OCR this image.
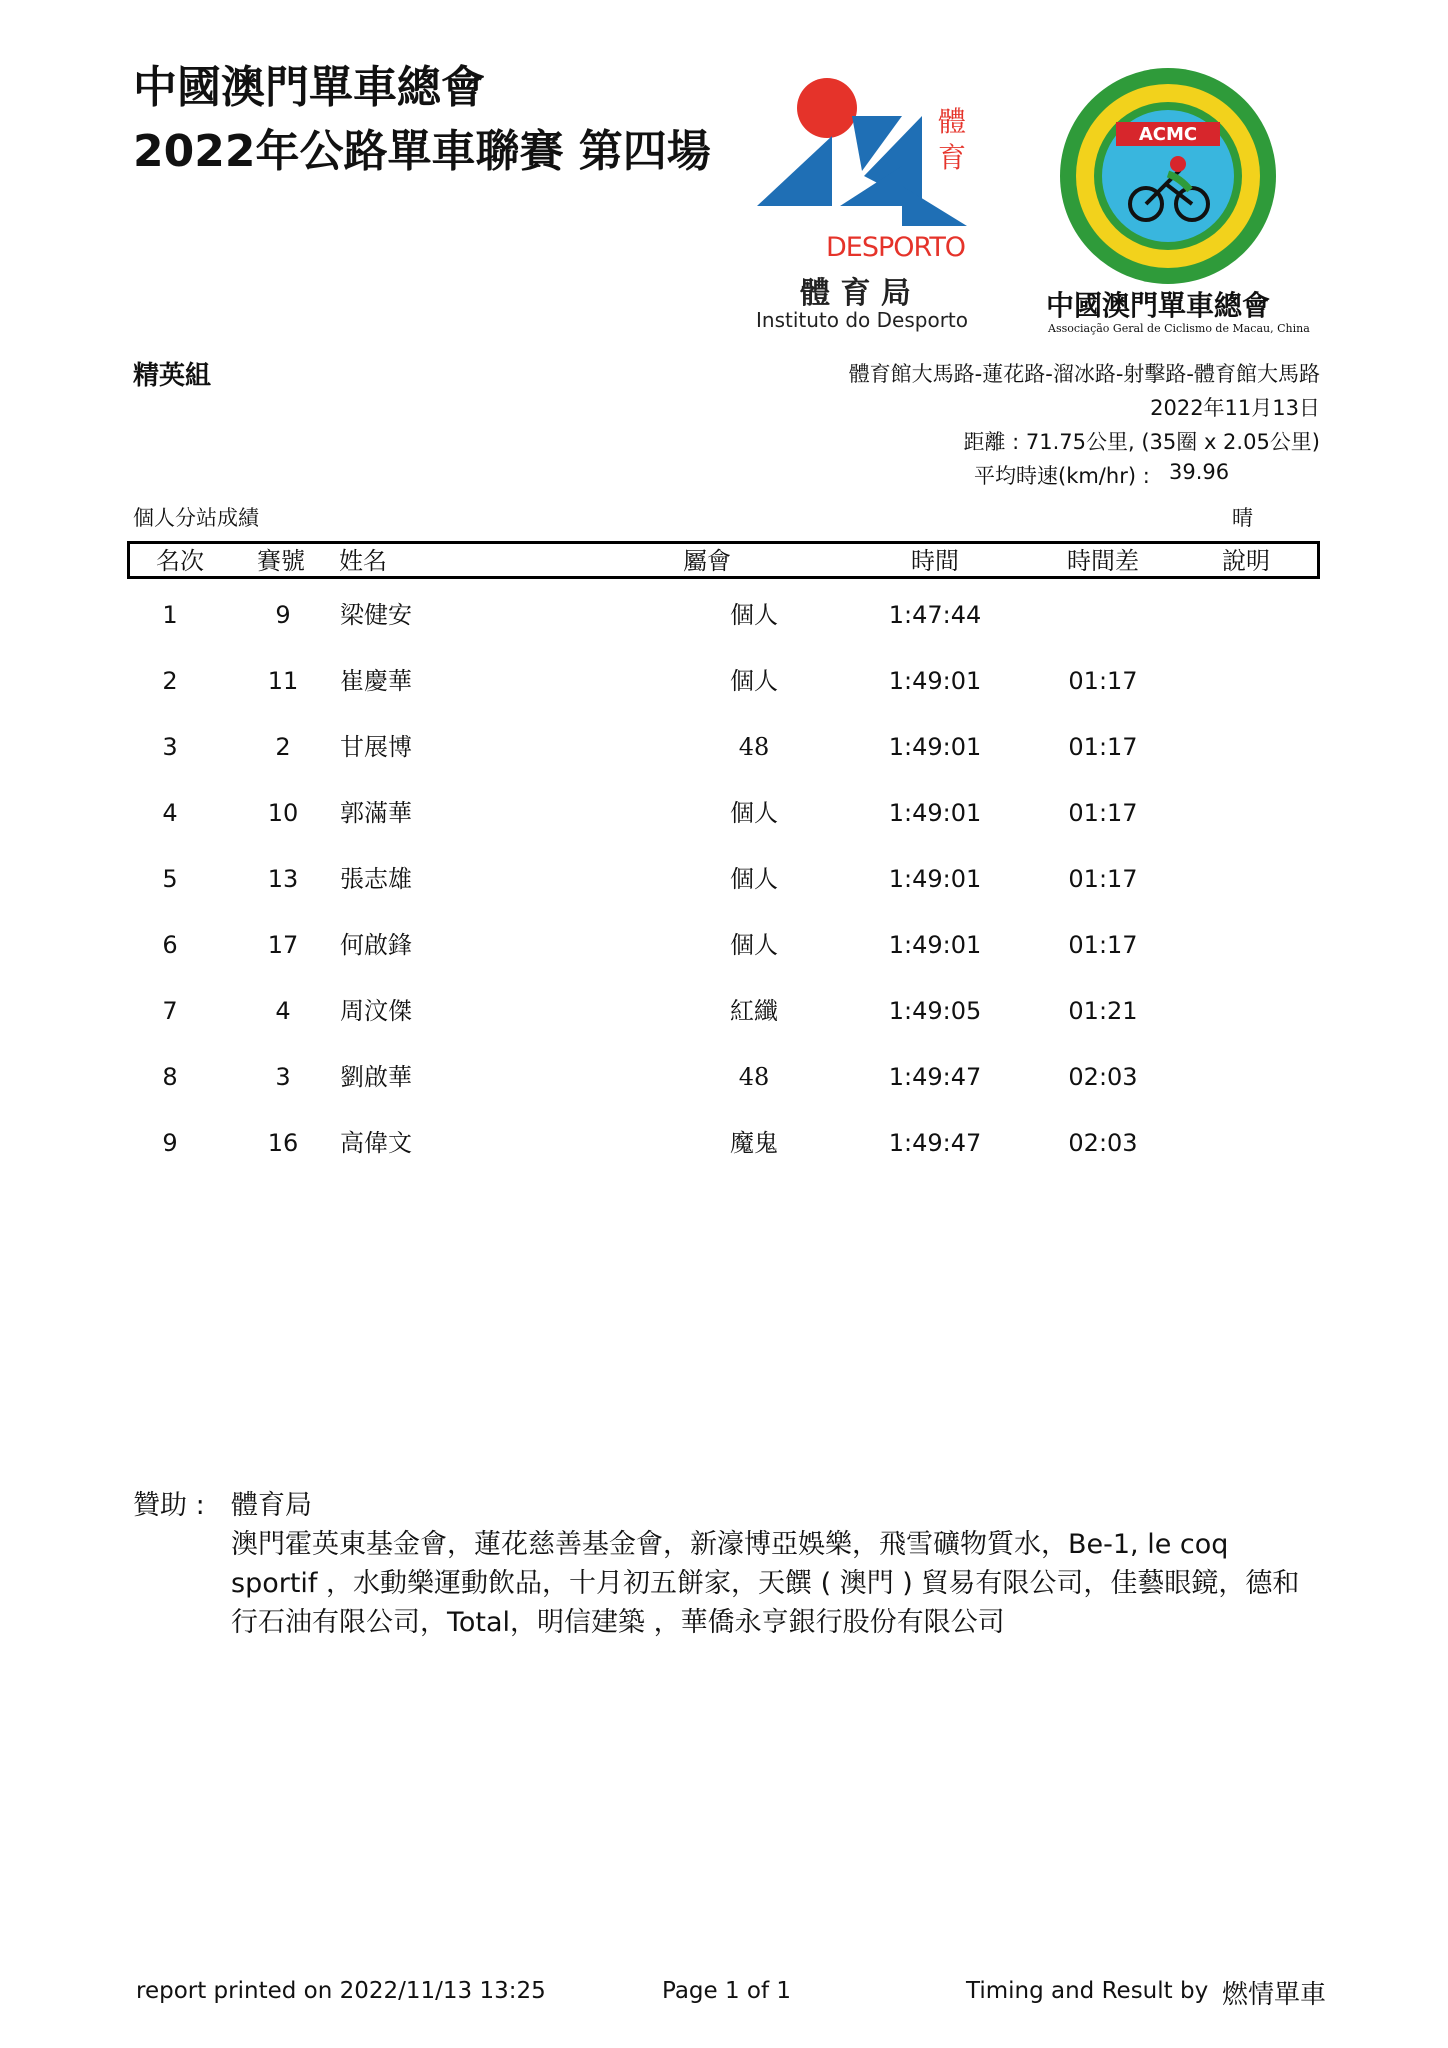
中國澳門單車總會
2022年公路單車聯賽 第四場
體
育
DESPORTO
體 育 局
Instituto do Desporto
ACMC
中國澳門單車總會
Associação Geral de Ciclismo de Macau, China
精英組	體育館大馬路-蓮花路-溜冰路-射擊路-體育館大馬路
2022年11月13日
距離 : 71.75公里, (35圈 x 2.05公里)
平均時速(km/hr) : 39.96
個人分站成績	晴
名次 賽號 姓名	屬會	時間	時間差	說明
1	9 梁健安	個人	1:47:44
2	11 崔慶華	個人	1:49:01	01:17
3	2 甘展博	48	1:49:01	01:17
4	10 郭滿華	個人	1:49:01	01:17
5	13 張志雄	個人	1:49:01	01:17
6	17 何啟鋒	個人	1:49:01	01:17
7	4 周汶傑	紅纖	1:49:05	01:21
8	3 劉啟華	48	1:49:47	02:03
9	16 高偉文	魔鬼	1:49:47	02:03
贊助 : 體育局
澳門霍英東基金會，蓮花慈善基金會，新濠博亞娛樂，飛雪礦物質水，Be-1, le coq
sportif ，水動樂運動飲品，十月初五餅家，天饌 ( 澳門 ) 貿易有限公司，佳藝眼鏡，德和
行石油有限公司，Total，明信建築 ，華僑永亨銀行股份有限公司
report printed on 2022/11/13 13:25	Page 1 of 1	Timing and Result by 燃情單車
